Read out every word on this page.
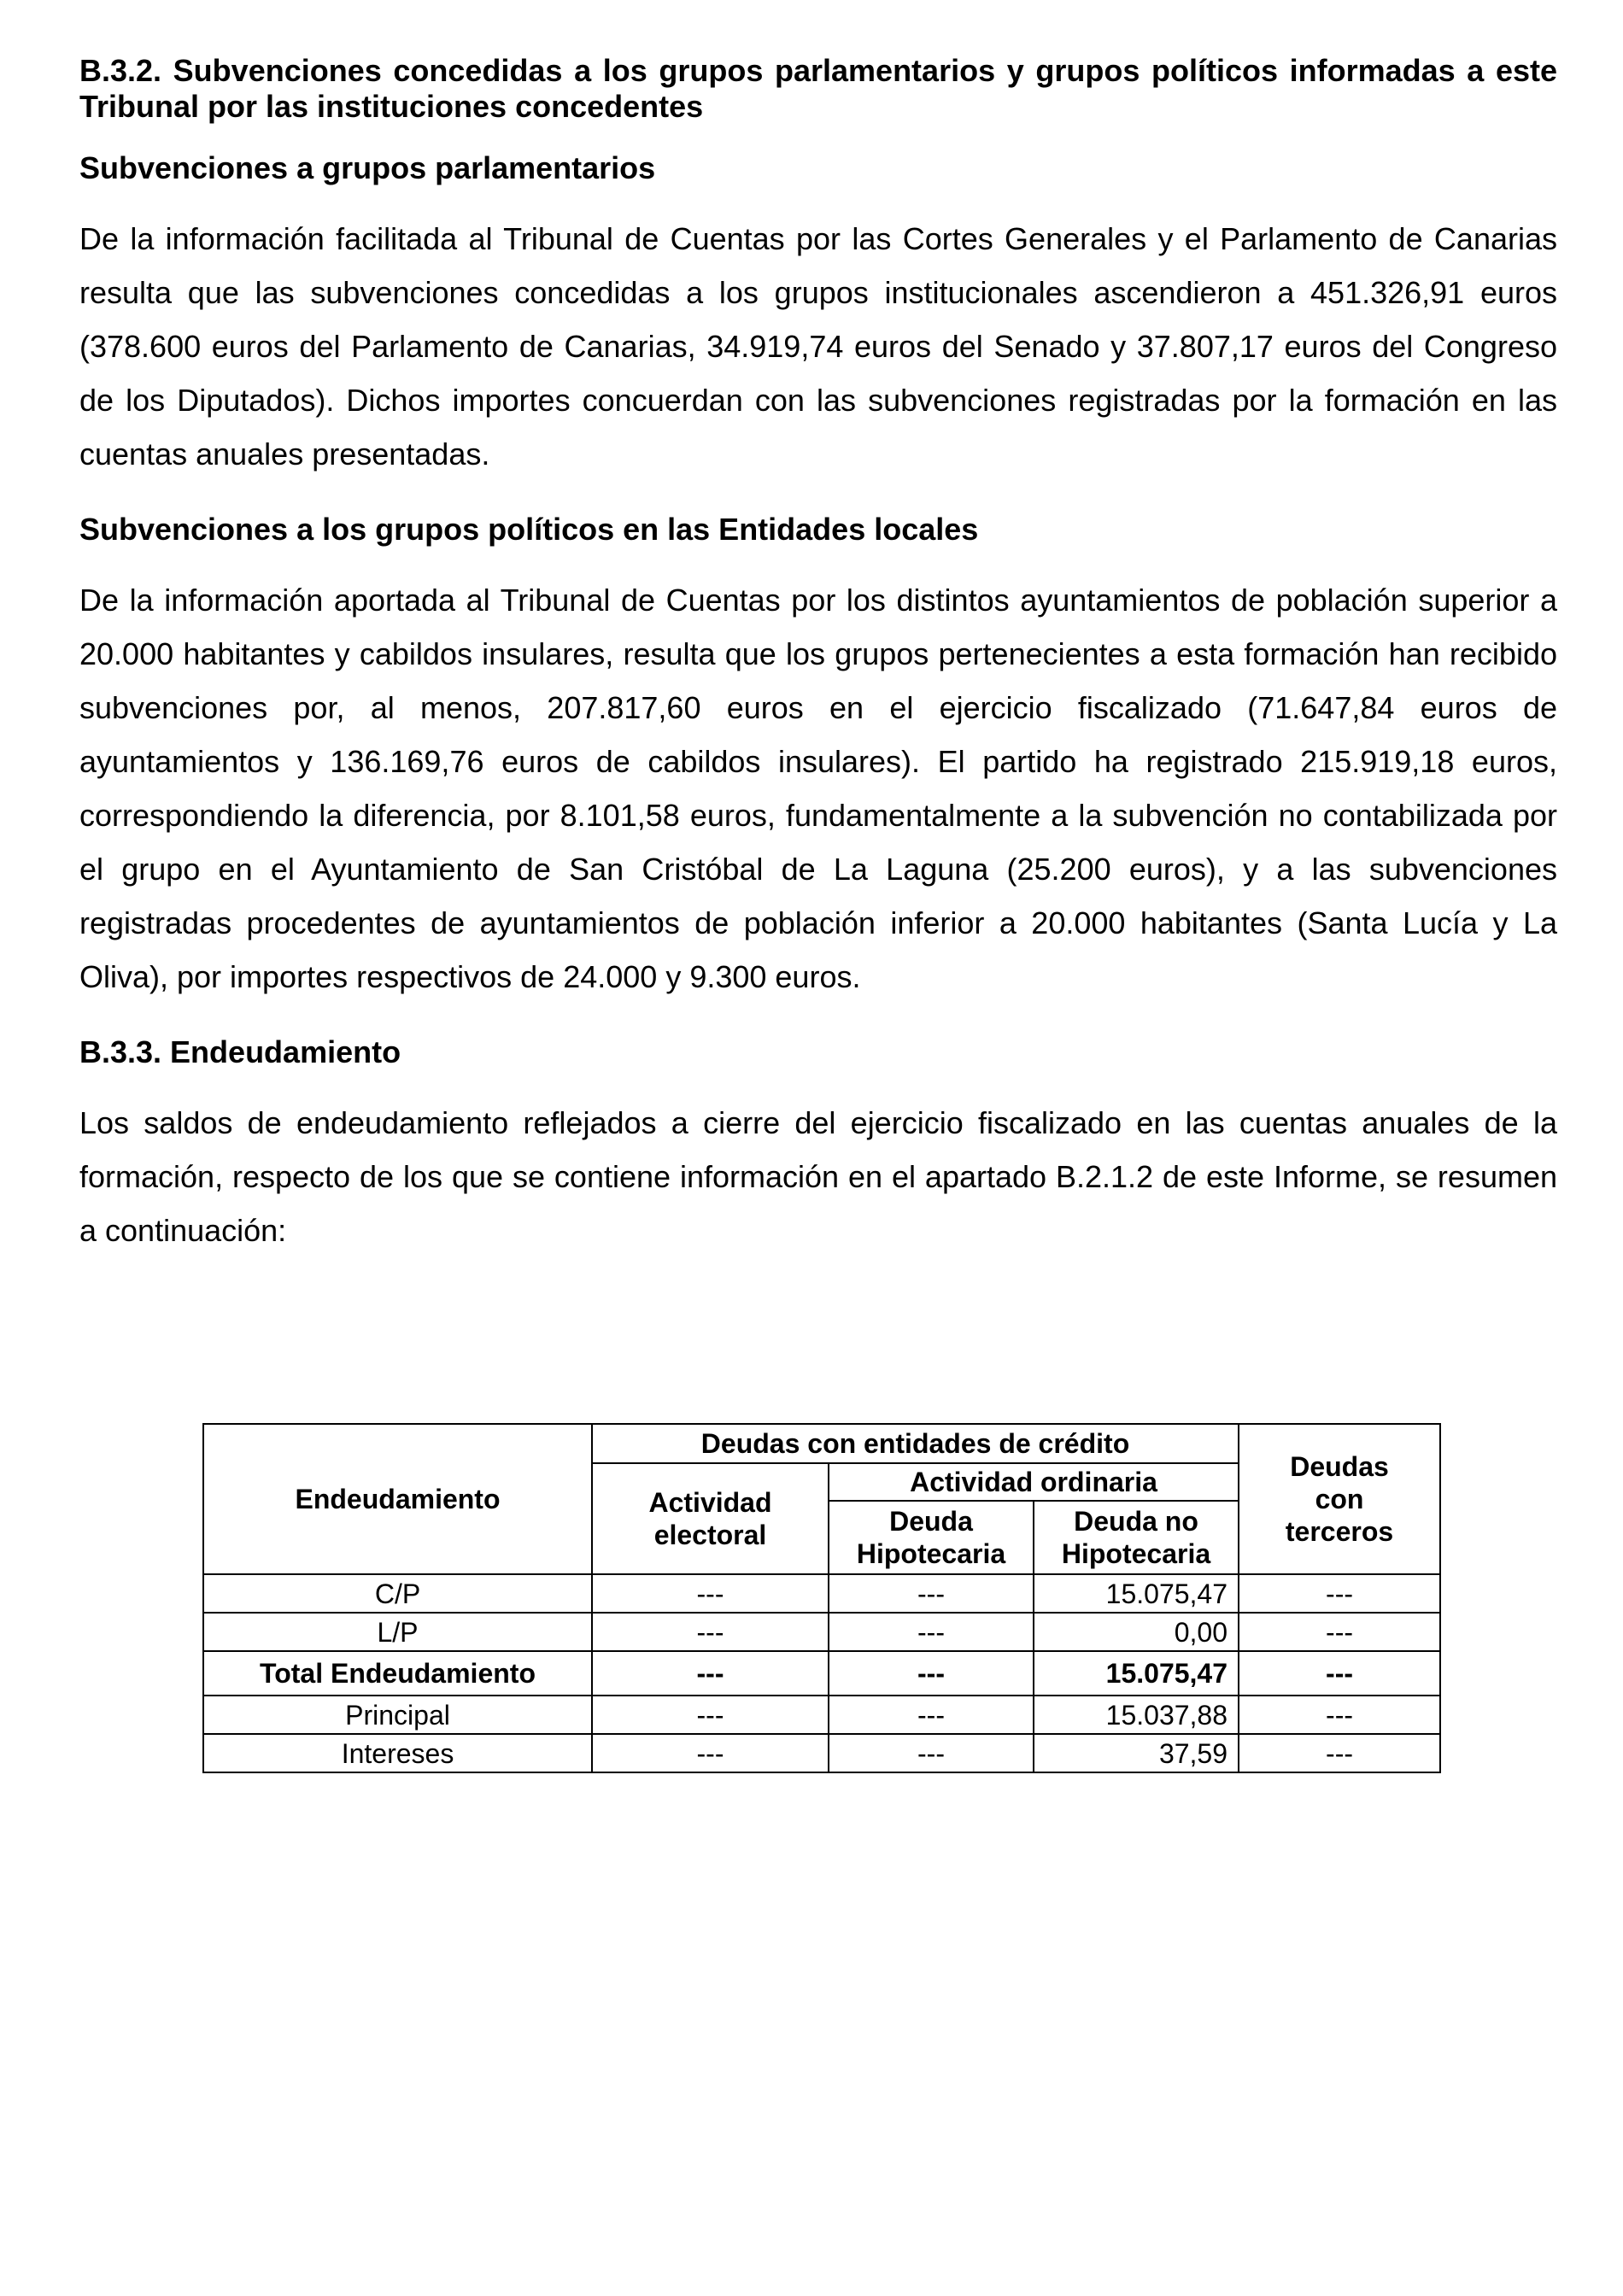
B.3.2. Subvenciones concedidas a los grupos parlamentarios y grupos políticos informadas a este Tribunal por las instituciones concedentes

Subvenciones a grupos parlamentarios

De la información facilitada al Tribunal de Cuentas por las Cortes Generales y el Parlamento de Canarias resulta que las subvenciones concedidas a los grupos institucionales ascendieron a 451.326,91 euros (378.600 euros del Parlamento de Canarias, 34.919,74 euros del Senado y 37.807,17 euros del Congreso de los Diputados). Dichos importes concuerdan con las subvenciones registradas por la formación en las cuentas anuales presentadas.

Subvenciones a los grupos políticos en las Entidades locales

De la información aportada al Tribunal de Cuentas por los distintos ayuntamientos de población superior a 20.000 habitantes y cabildos insulares, resulta que los grupos pertenecientes a esta formación han recibido subvenciones por, al menos, 207.817,60 euros en el ejercicio fiscalizado (71.647,84 euros de ayuntamientos y 136.169,76 euros de cabildos insulares). El partido ha registrado 215.919,18 euros, correspondiendo la diferencia, por 8.101,58 euros, fundamentalmente a la subvención no contabilizada por el grupo en el Ayuntamiento de San Cristóbal de La Laguna (25.200 euros), y a las subvenciones registradas procedentes de ayuntamientos de población inferior a 20.000 habitantes (Santa Lucía y La Oliva), por importes respectivos de 24.000 y 9.300 euros.

B.3.3. Endeudamiento

Los saldos de endeudamiento reflejados a cierre del ejercicio fiscalizado en las cuentas anuales de la formación, respecto de los que se contiene información en el apartado B.2.1.2 de este Informe, se resumen a continuación:

Endeudamiento	Deudas con entidades de crédito			Deudas con terceros
	Actividad electoral	Actividad ordinaria		
		Deuda Hipotecaria	Deuda no Hipotecaria	
C/P	---	---	15.075,47	---
L/P	---	---	0,00	---
Total Endeudamiento	---	---	15.075,47	---
Principal	---	---	15.037,88	---
Intereses	---	---	37,59	---
